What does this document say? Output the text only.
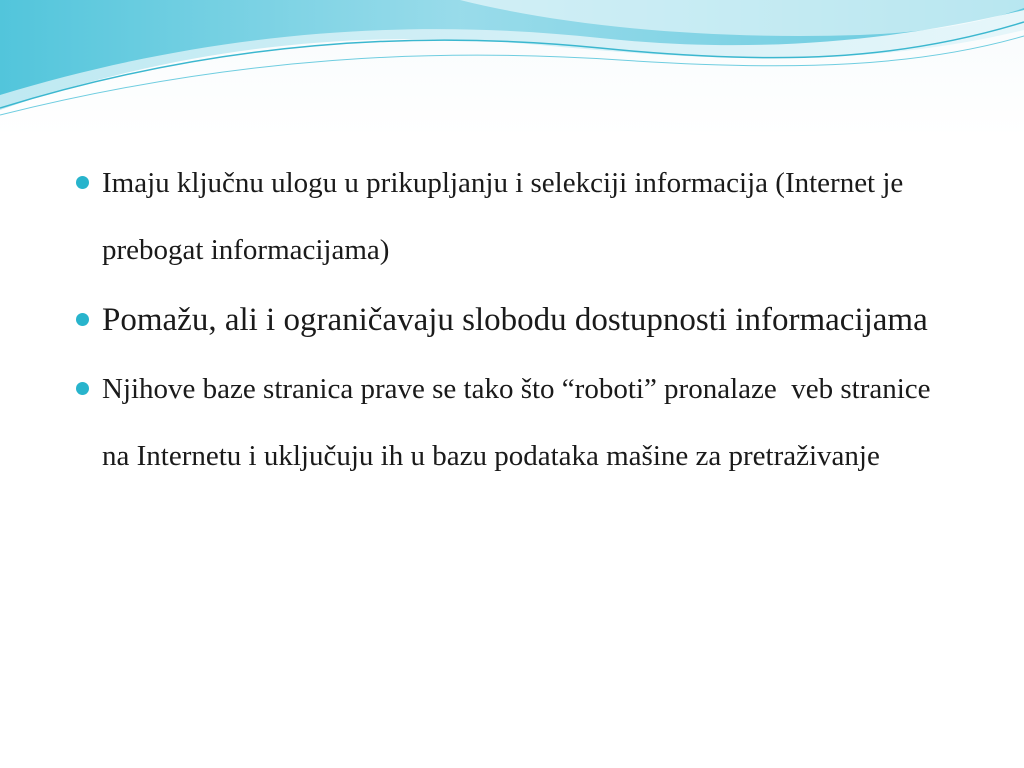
Imaju ključnu ulogu u prikupljanju i selekciji informacija (Internet je prebogat informacijama)
Pomažu, ali i ograničavaju slobodu dostupnosti informacijama
Njihove baze stranica prave se tako što “roboti” pronalaze  veb stranice na Internetu i uključuju ih u bazu podataka mašine za pretraživanje
